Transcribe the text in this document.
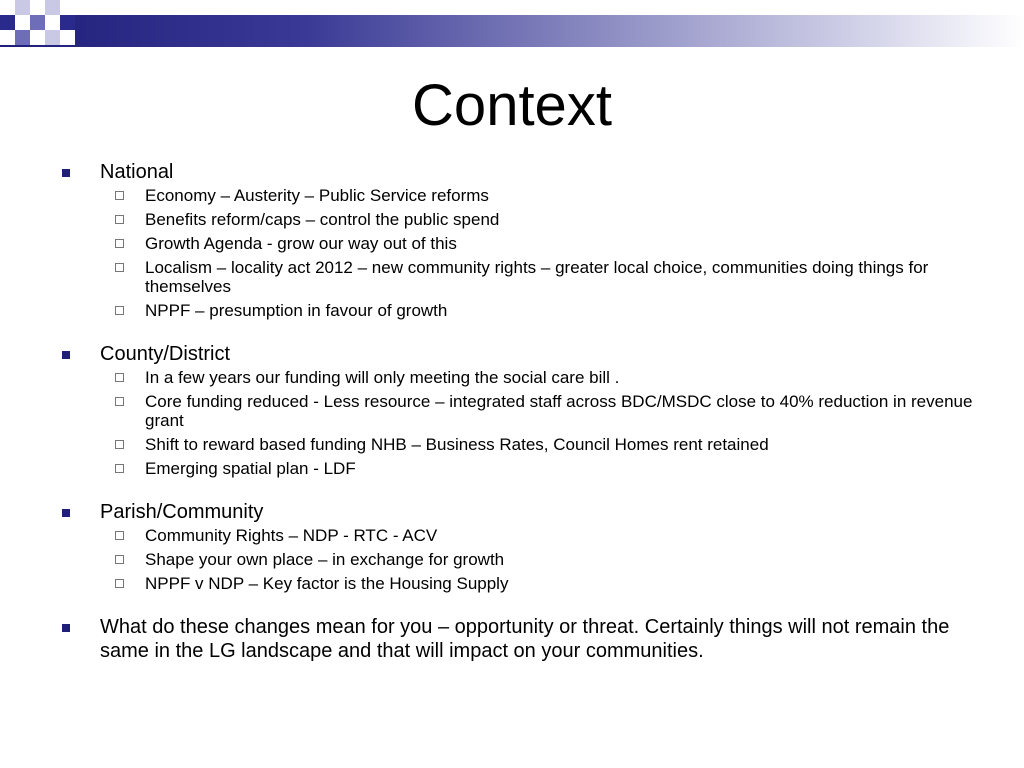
Context
National
Economy – Austerity – Public Service reforms
Benefits reform/caps – control the public spend
Growth Agenda - grow our way out of this
Localism – locality act 2012 – new community rights – greater local choice, communities doing things for themselves
NPPF – presumption in favour of growth
County/District
In a few years our funding will only meeting the social care bill .
Core funding reduced - Less resource – integrated staff across BDC/MSDC close to 40% reduction in revenue grant
Shift to reward based funding NHB – Business Rates, Council Homes rent retained
Emerging spatial plan - LDF
Parish/Community
Community Rights – NDP - RTC - ACV
Shape your own place – in exchange for growth
NPPF v NDP – Key factor is the Housing Supply
What do these changes mean for you – opportunity or threat. Certainly things will not remain the same in the LG landscape and that will impact on your communities.
